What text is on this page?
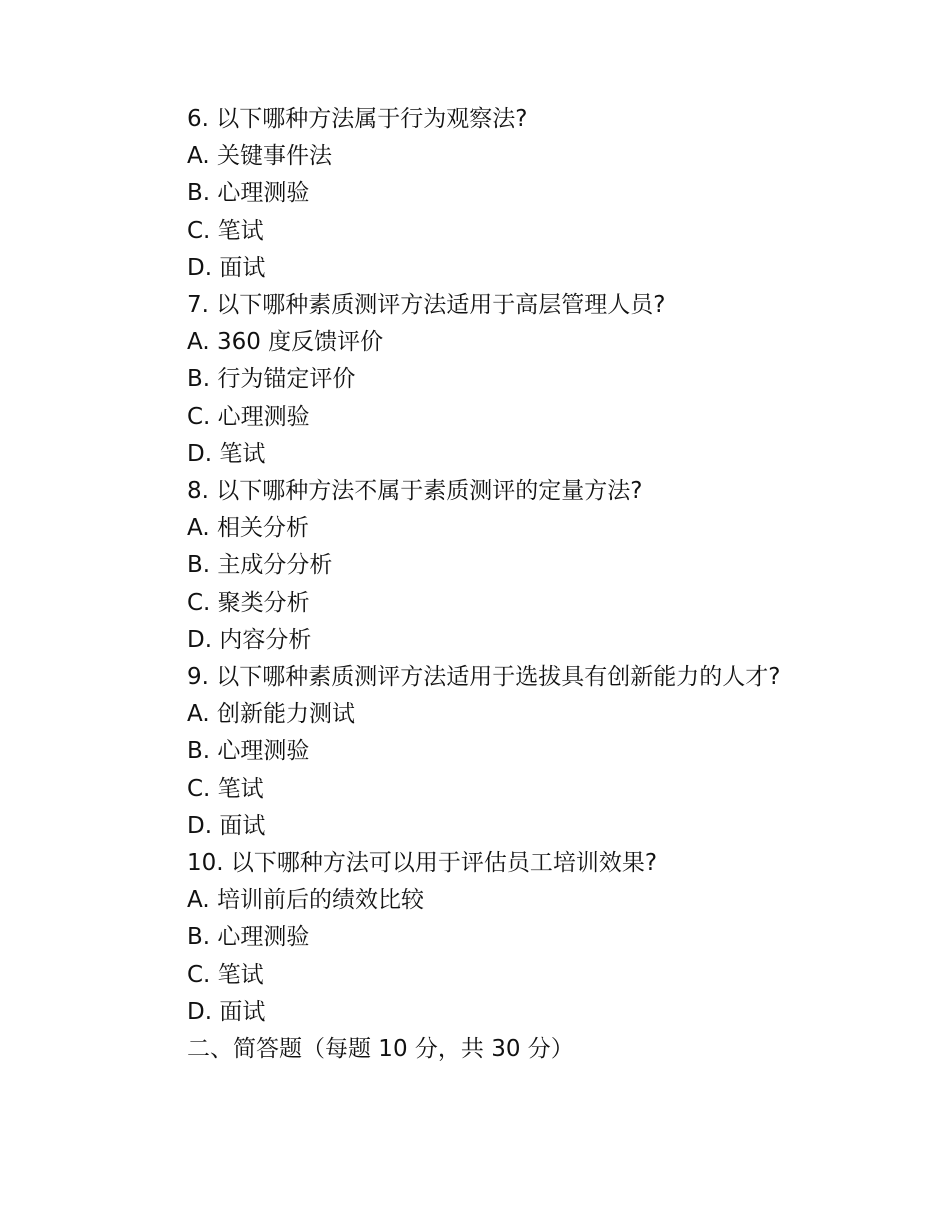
6. 以下哪种方法属于行为观察法?
A. 关键事件法
B. 心理测验
C. 笔试
D. 面试
7. 以下哪种素质测评方法适用于高层管理人员?
A. 360 度反馈评价
B. 行为锚定评价
C. 心理测验
D. 笔试
8. 以下哪种方法不属于素质测评的定量方法?
A. 相关分析
B. 主成分分析
C. 聚类分析
D. 内容分析
9. 以下哪种素质测评方法适用于选拔具有创新能力的人才?
A. 创新能力测试
B. 心理测验
C. 笔试
D. 面试
10. 以下哪种方法可以用于评估员工培训效果?
A. 培训前后的绩效比较
B. 心理测验
C. 笔试
D. 面试
二、简答题（每题 10 分，共 30 分）
